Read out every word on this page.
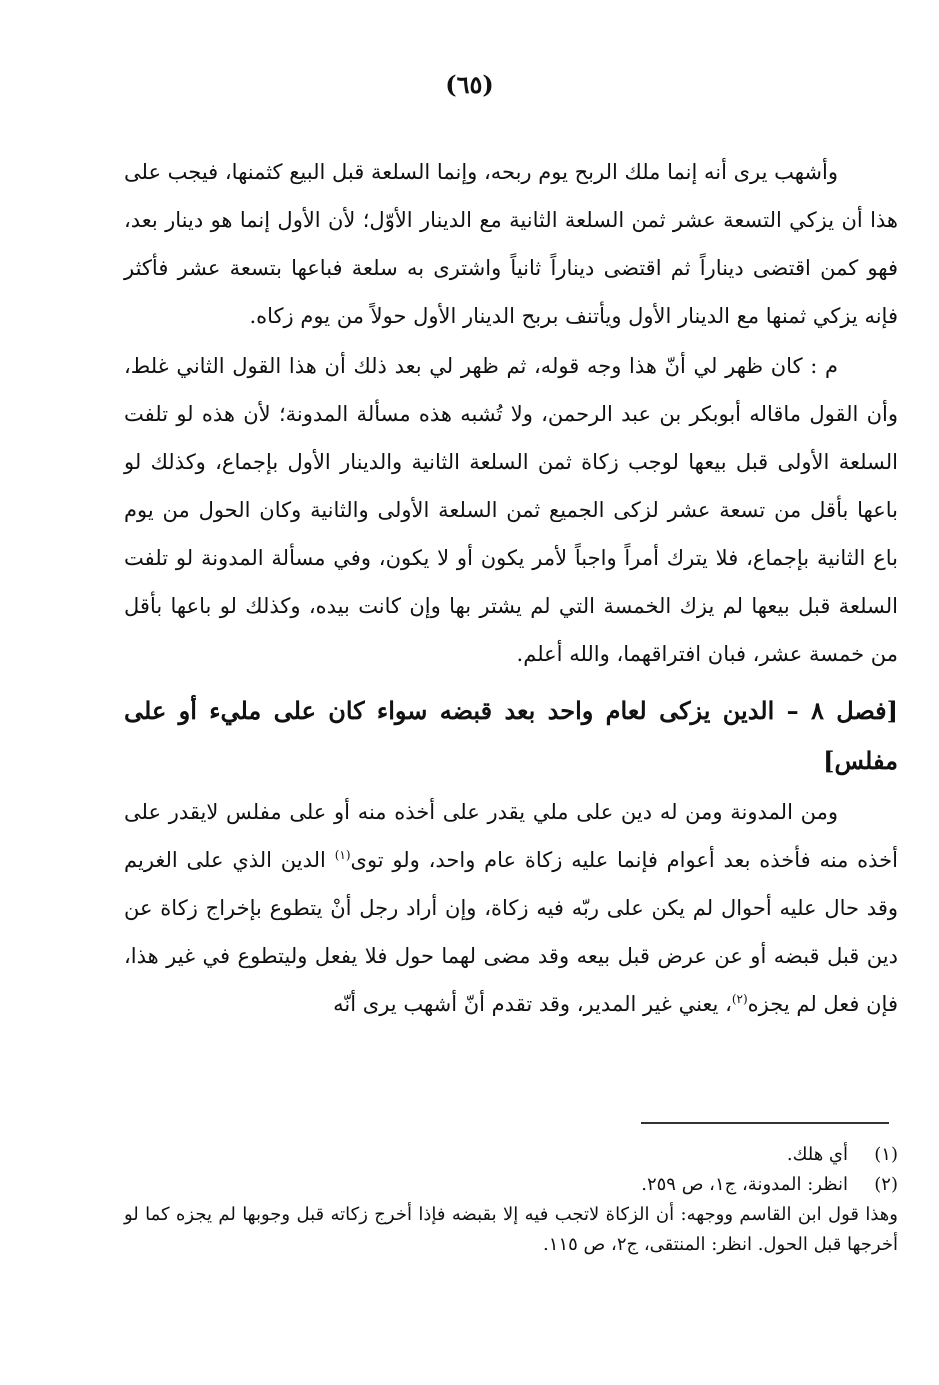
(٦٥)

وأشهب يرى أنه إنما ملك الربح يوم ربحه، وإنما السلعة قبل البيع كثمنها، فيجب على هذا أن يزكي التسعة عشر ثمن السلعة الثانية مع الدينار الأوّل؛ لأن الأول إنما هو دينار بعد، فهو كمن اقتضى ديناراً ثم اقتضى ديناراً ثانياً واشترى به سلعة فباعها بتسعة عشر فأكثر فإنه يزكي ثمنها مع الدينار الأول ويأتنف بربح الدينار الأول حولاً من يوم زكاه.

م : كان ظهر لي أنّ هذا وجه قوله، ثم ظهر لي بعد ذلك أن هذا القول الثاني غلط، وأن القول ماقاله أبوبكر بن عبد الرحمن، ولا تُشبه هذه مسألة المدونة؛ لأن هذه لو تلفت السلعة الأولى قبل بيعها لوجب زكاة ثمن السلعة الثانية والدينار الأول بإجماع، وكذلك لو باعها بأقل من تسعة عشر لزكى الجميع ثمن السلعة الأولى والثانية وكان الحول من يوم باع الثانية بإجماع، فلا يترك أمراً واجباً لأمر يكون أو لا يكون، وفي مسألة المدونة لو تلفت السلعة قبل بيعها لم يزك الخمسة التي لم يشتر بها وإن كانت بيده، وكذلك لو باعها بأقل من خمسة عشر، فبان افتراقهما، والله أعلم.

[فصل ٨ – الدين يزكى لعام واحد بعد قبضه سواء كان على مليء أو على مفلس]

ومن المدونة ومن له دين على ملي يقدر على أخذه منه أو على مفلس لايقدر على أخذه منه فأخذه بعد أعوام فإنما عليه زكاة عام واحد، ولو توى$^{(١)}$ الدين الذي على الغريم وقد حال عليه أحوال لم يكن على ربّه فيه زكاة، وإن أراد رجل أنْ يتطوع بإخراج زكاة عن دين قبل قبضه أو عن عرض قبل بيعه وقد مضى لهما حول فلا يفعل وليتطوع في غير هذا، فإن فعل لم يجزه$^{(٢)}$، يعني غير المدير، وقد تقدم أنّ أشهب يرى أنّه

(١)
أي هلك.
(٢)
انظر: المدونة، ج١، ص ٢٥٩.
وهذا قول ابن القاسم ووجهه: أن الزكاة لاتجب فيه إلا بقبضه فإذا أخرج زكاته قبل وجوبها لم يجزه كما لو أخرجها قبل الحول. انظر: المنتقى، ج٢، ص ١١٥.
